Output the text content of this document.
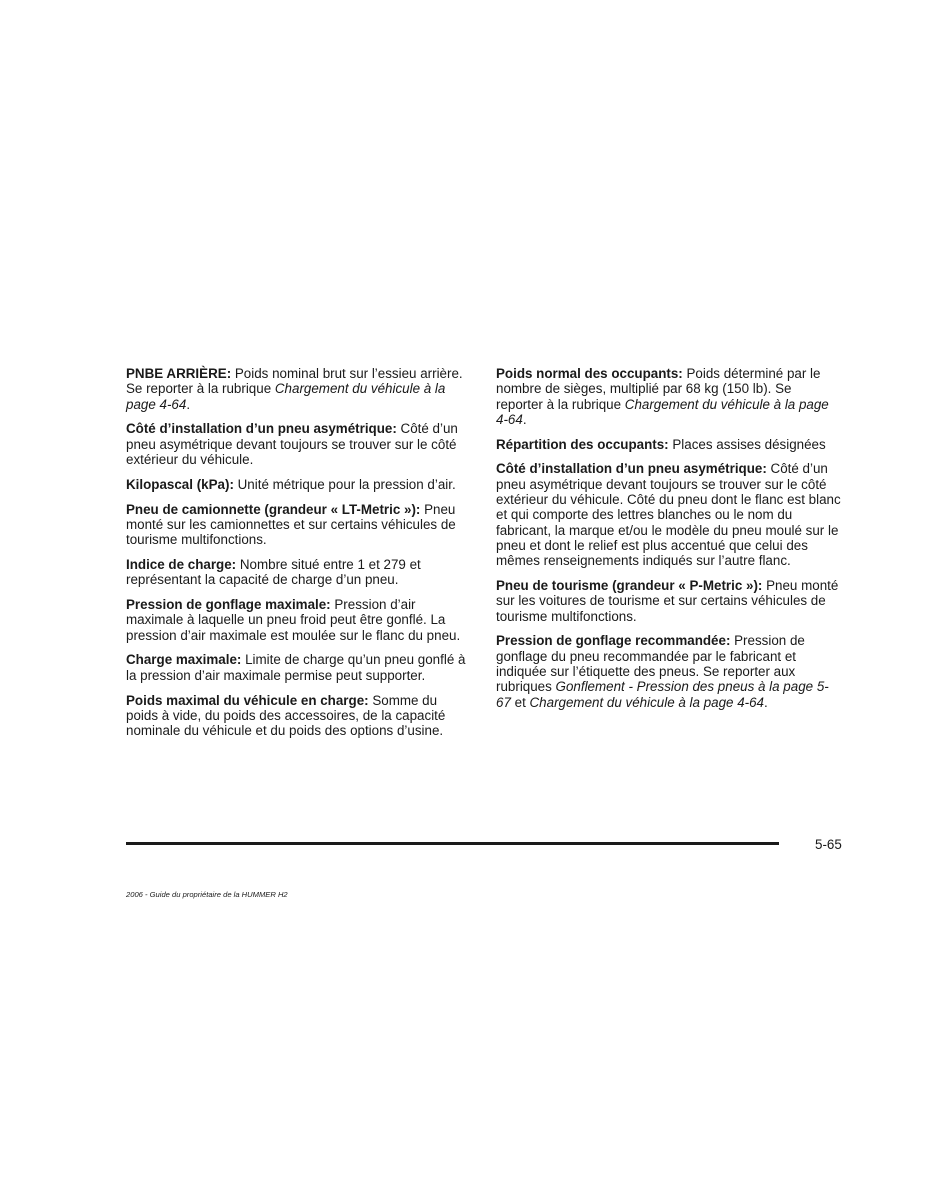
PNBE ARRIÈRE: Poids nominal brut sur l’essieu arrière. Se reporter à la rubrique Chargement du véhicule à la page 4-64.

Côté d’installation d’un pneu asymétrique: Côté d’un pneu asymétrique devant toujours se trouver sur le côté extérieur du véhicule.

Kilopascal (kPa): Unité métrique pour la pression d’air.

Pneu de camionnette (grandeur « LT-Metric »): Pneu monté sur les camionnettes et sur certains véhicules de tourisme multifonctions.

Indice de charge: Nombre situé entre 1 et 279 et représentant la capacité de charge d’un pneu.

Pression de gonflage maximale: Pression d’air maximale à laquelle un pneu froid peut être gonflé. La pression d’air maximale est moulée sur le flanc du pneu.

Charge maximale: Limite de charge qu’un pneu gonflé à la pression d’air maximale permise peut supporter.

Poids maximal du véhicule en charge: Somme du poids à vide, du poids des accessoires, de la capacité nominale du véhicule et du poids des options d’usine.

Poids normal des occupants: Poids déterminé par le nombre de sièges, multiplié par 68 kg (150 lb). Se reporter à la rubrique Chargement du véhicule à la page 4-64.

Répartition des occupants: Places assises désignées

Côté d’installation d’un pneu asymétrique: Côté d’un pneu asymétrique devant toujours se trouver sur le côté extérieur du véhicule. Côté du pneu dont le flanc est blanc et qui comporte des lettres blanches ou le nom du fabricant, la marque et/ou le modèle du pneu moulé sur le pneu et dont le relief est plus accentué que celui des mêmes renseignements indiqués sur l’autre flanc.

Pneu de tourisme (grandeur « P-Metric »): Pneu monté sur les voitures de tourisme et sur certains véhicules de tourisme multifonctions.

Pression de gonflage recommandée: Pression de gonflage du pneu recommandée par le fabricant et indiquée sur l’étiquette des pneus. Se reporter aux rubriques Gonflement - Pression des pneus à la page 5-67 et Chargement du véhicule à la page 4-64.

5-65
2006 - Guide du propriétaire de la HUMMER H2
